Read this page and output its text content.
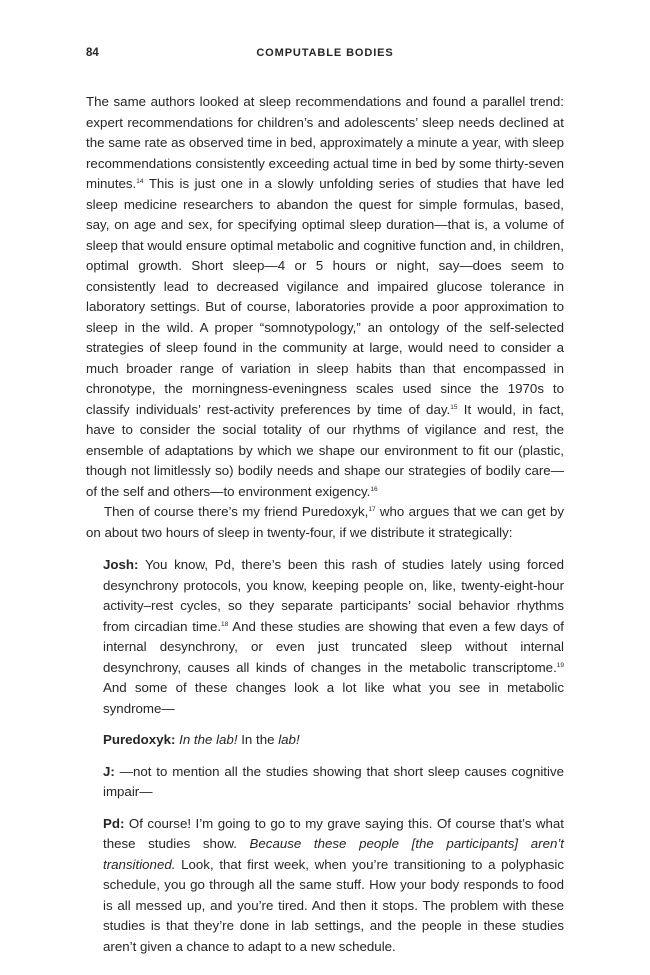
84	COMPUTABLE BODIES

The same authors looked at sleep recommendations and found a parallel trend: expert recommendations for children’s and adolescents’ sleep needs declined at the same rate as observed time in bed, approximately a minute a year, with sleep recommendations consistently exceeding actual time in bed by some thirty-seven minutes.$^{14}$ This is just one in a slowly unfolding series of studies that have led sleep medicine researchers to abandon the quest for simple formulas, based, say, on age and sex, for specifying optimal sleep duration—that is, a volume of sleep that would ensure optimal metabolic and cognitive function and, in children, optimal growth. Short sleep—4 or 5 hours or night, say—does seem to consistently lead to decreased vigilance and impaired glucose tolerance in laboratory settings. But of course, laboratories provide a poor approximation to sleep in the wild. A proper “somnotypology,” an ontology of the self-selected strategies of sleep found in the community at large, would need to consider a much broader range of variation in sleep habits than that encompassed in chronotype, the morningness-eveningness scales used since the 1970s to classify individuals’ rest-activity preferences by time of day.$^{15}$ It would, in fact, have to consider the social totality of our rhythms of vigilance and rest, the ensemble of adaptations by which we shape our environment to fit our (plastic, though not limitlessly so) bodily needs and shape our strategies of bodily care—of the self and others—to environment exigency.$^{16}$

Then of course there’s my friend Puredoxyk,$^{17}$ who argues that we can get by on about two hours of sleep in twenty-four, if we distribute it strategically:

Josh: You know, Pd, there’s been this rash of studies lately using forced desynchrony protocols, you know, keeping people on, like, twenty-eight-hour activity–rest cycles, so they separate participants’ social behavior rhythms from circadian time.$^{18}$ And these studies are showing that even a few days of internal desynchrony, or even just truncated sleep without internal desynchrony, causes all kinds of changes in the metabolic transcriptome.$^{19}$ And some of these changes look a lot like what you see in metabolic syndrome—

Puredoxyk: In the lab! In the lab!

J: —not to mention all the studies showing that short sleep causes cognitive impair—

Pd: Of course! I’m going to go to my grave saying this. Of course that’s what these studies show. Because these people [the participants] aren’t transitioned. Look, that first week, when you’re transitioning to a polyphasic schedule, you go through all the same stuff. How your body responds to food is all messed up, and you’re tired. And then it stops. The problem with these studies is that they’re done in lab settings, and the people in these studies aren’t given a chance to adapt to a new schedule.
